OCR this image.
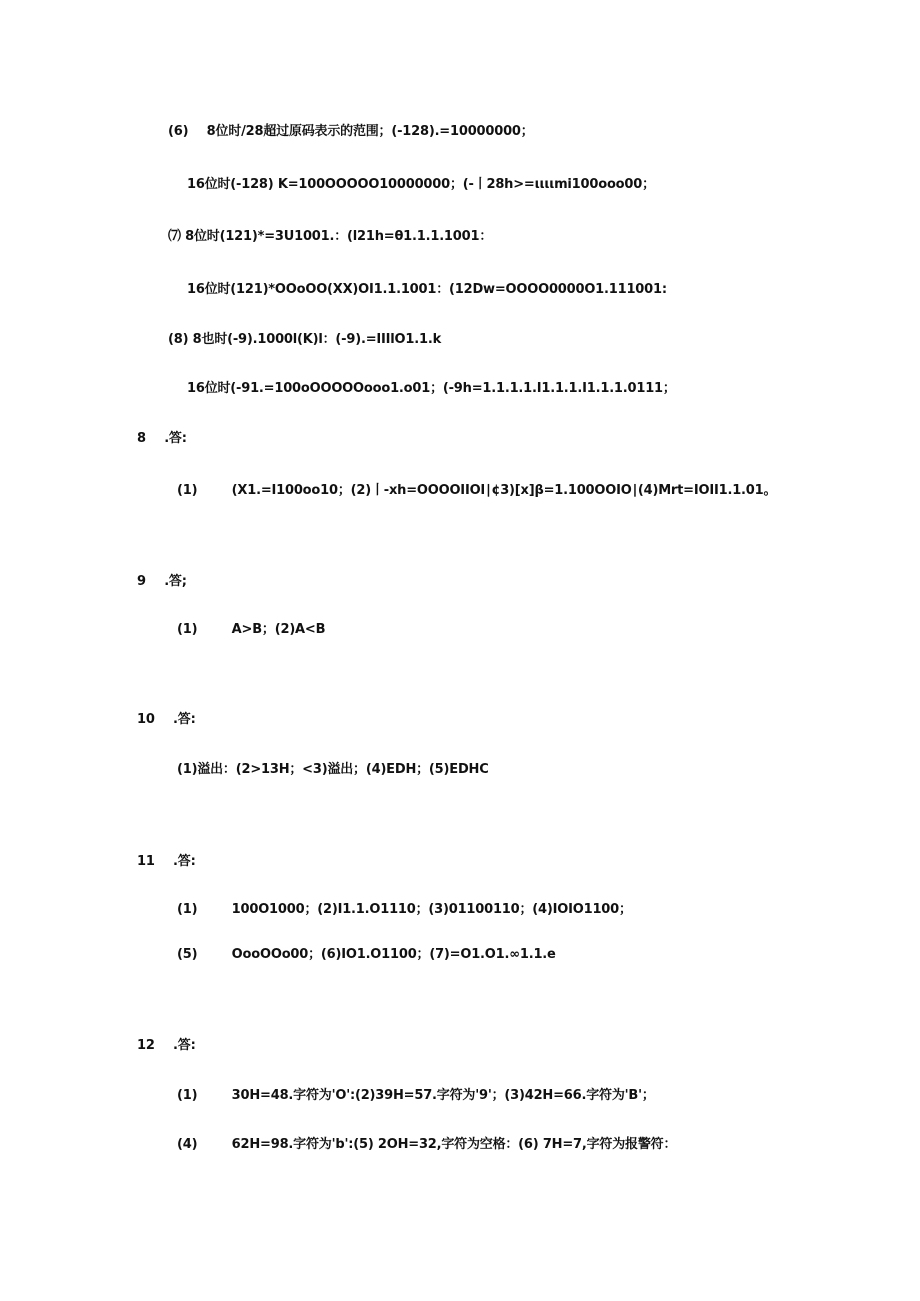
(6) 8位时/28超过原码表示的范围；(-128).=10000000；
16位时(-128) K=100OOOOO10000000；(-丨28h>=ιιιιmi100ooo00；
⑺ 8位时(121)*=3U1001.：(l21h=θ1.1.1.1001：
16位时(121)*OOoOO(XX)OI1.1.1001：(12Dw=OOOO0000O1.111001:
(8) 8也时(-9).1000l(K)l：(-9).=IIIlO1.1.k
16位时(-91.=100oOOOOOooo1.o01；(-9h=1.1.1.1.I1.1.1.I1.1.1.0111；
8 .答:
(1)	(X1.=I100oo10；(2)丨-xh=OOOOIIOI∣¢3)[x]β=1.100OOIO∣(4)Mrt=IOII1.1.01。
9 .答;
(1)	A>B；(2)A<B
10 .答:
(1)溢出：(2>13H；<3)溢出；(4)EDH；(5)EDHC
11 .答:
(1)	100O1000；(2)I1.1.O1110；(3)01100110；(4)IOIO1100；
(5)	OooOOo00；(6)IO1.O1100；(7)=O1.O1.∞1.1.e
12 .答:
(1)	30H=48.字符为'O':(2)39H=57.字符为'9'；(3)42H=66.字符为'B'；
(4)	62H=98.字符为'b':(5) 2OH=32,字符为空格：(6) 7H=7,字符为报警符：
